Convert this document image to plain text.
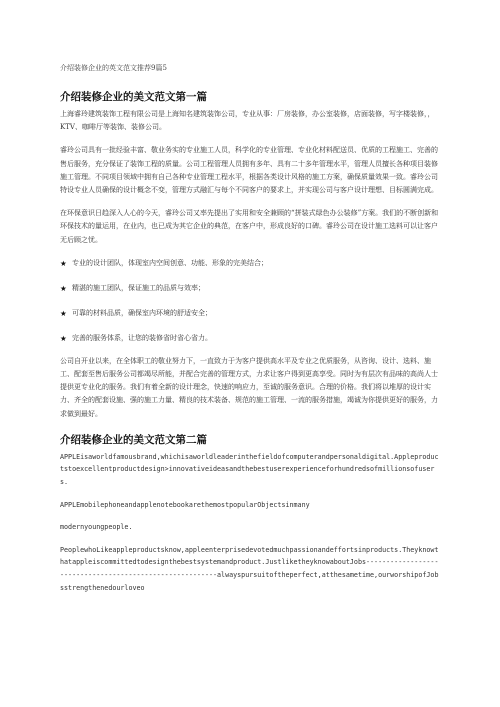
介绍装修企业的英文范文推荐9篇5
介绍装修企业的美文范文第一篇

上海睿玲建筑装饰工程有限公司是上海知名建筑装饰公司，专业从事：厂房装修，办公室装修，店面装修，写字楼装修，，KTV、咖啡厅等装饰、装修公司。

睿玲公司具有一批经验丰富、敬业务实的专业施工人员，科学化的专业管理、专业化材料配送员、优质的工程施工、完善的售后服务，充分保证了装饰工程的质量。公司工程管理人员拥有多年、具有二十多年管理水平，管理人员擅长各种项目装修施工管理。不同项目领域中拥有自己各种专业管理工程水平，根据各类设计风格的施工方案，确保质量效果一致。睿玲公司特设专业人员确保的设计概念不变，管理方式融汇与每个不同客户的要求上，并实现公司与客户设计理想、目标圆满完成。

在环保意识日趋深入人心的今天，睿玲公司又率先提出了实用和安全兼顾的“拼装式绿色办公装修”方案。我们的不断创新和环保技术的量运用，在业内，也已成为其它企业的典范，在客户中，形成良好的口碑。睿玲公司在设计施工选料可以让客户无后顾之忧。

★ 专业的设计团队，体现室内空间创意、功能、形象的完美结合；
★ 精湛的施工团队，保证施工的品质与效率；
★ 可靠的材料品质，确保室内环境的舒适安全；
★ 完善的服务体系，让您的装修省时省心省力。

公司自开业以来，在全体职工的敬业努力下，一直致力于为客户提供高水平及专业之优质服务，从咨询、设计、选料、施工、配套至售后服务公司都竭尽所能，并配合完善的管理方式，力求让客户得到更高享受。同时为有层次有品味的高尚人士提供更专业化的服务。我们有着全新的设计理念，快速的响应力，至诚的服务意识。合理的价格。我们将以堆厚的设计实力、齐全的配套设施、强的施工力量、精良的技术装备、规范的施工管理、一流的服务措施，竭诚为你提供更好的服务，力求做到最好。

介绍装修企业的美文范文第二篇

APPLEisaworldfamousbrand,whichisaworldleaderinthefieldofcomputerandpersonaldigital.Appleproductstoexcellentproductdesign>innovativeideasandthebestuserexperienceforhundredsofmillionsofusers.

APPLEmobilephoneandapplenotebookarethemostpopularObjectsinmany

modernyoungpeople.

PeoplewhoLikeappleproductsknow,appleenterprisedevotedmuchpassionandeffortsinproducts.Theyknowthatappleiscommittedtodesignthebestsystemandproduct.JustliketheyknowaboutJobs---------------------------------------------------------alwayspursuitoftheperfect,atthesametime,ourworshipofJobsstrengthenedourloveo
